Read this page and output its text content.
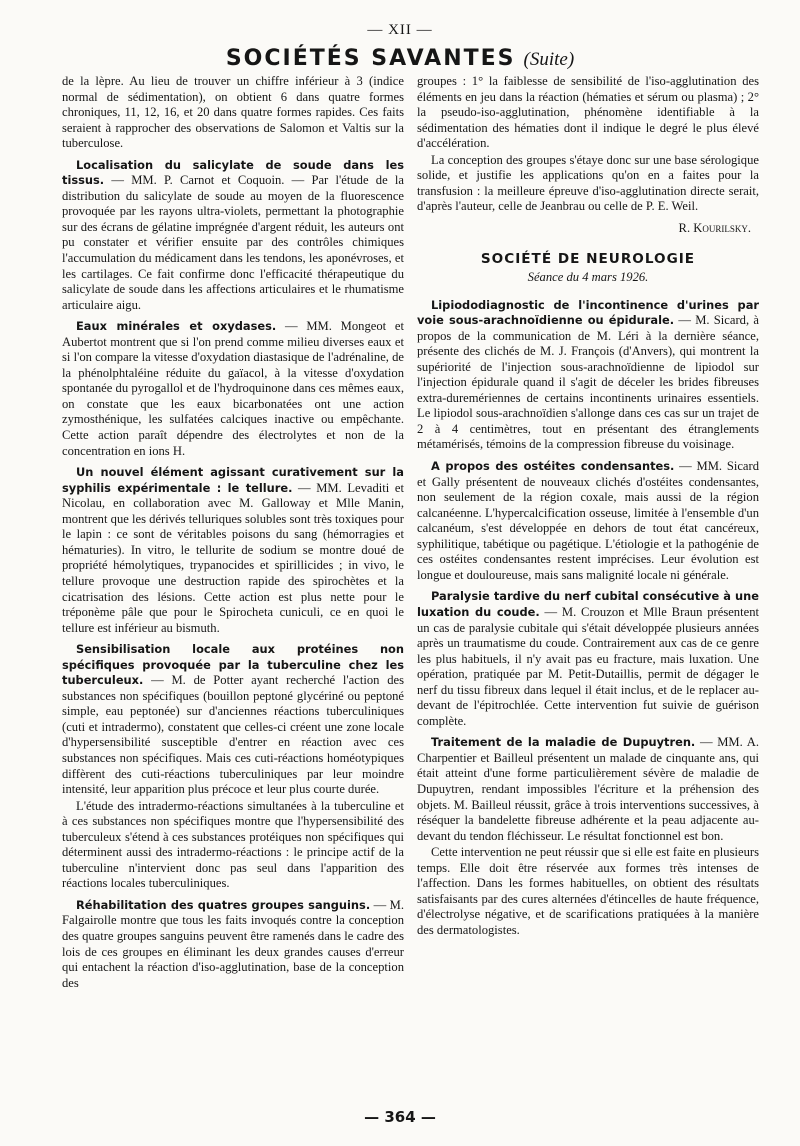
— XII —
SOCIÉTÉS SAVANTES (Suite)

de la lèpre. Au lieu de trouver un chiffre inférieur à 3 (indice normal de sédimentation), on obtient 6 dans quatre formes chroniques, 11, 12, 16, et 20 dans quatre formes rapides. Ces faits seraient à rapprocher des observations de Salomon et Valtis sur la tuberculose.

Localisation du salicylate de soude dans les tissus. — MM. P. Carnot et Coquoin. — Par l'étude de la distribution du salicylate de soude au moyen de la fluorescence provoquée par les rayons ultra-violets, permettant la photographie sur des écrans de gélatine imprégnée d'argent réduit, les auteurs ont pu constater et vérifier ensuite par des contrôles chimiques l'accumulation du médicament dans les tendons, les aponévroses, et les cartilages. Ce fait confirme donc l'efficacité thérapeutique du salicylate de soude dans les affections articulaires et le rhumatisme articulaire aigu.

Eaux minérales et oxydases. — MM. Mongeot et Aubertot montrent que si l'on prend comme milieu diverses eaux et si l'on compare la vitesse d'oxydation diastasique de l'adrénaline, de la phénolphtaléine réduite du gaïacol, à la vitesse d'oxydation spontanée du pyrogallol et de l'hydroquinone dans ces mêmes eaux, on constate que les eaux bicarbonatées ont une action zymosthénique, les sulfatées calciques inactive ou empêchante. Cette action paraît dépendre des électrolytes et non de la concentration en ions H.

Un nouvel élément agissant curativement sur la syphilis expérimentale : le tellure. — MM. Levaditi et Nicolau, en collaboration avec M. Galloway et Mlle Manin, montrent que les dérivés telluriques solubles sont très toxiques pour le lapin : ce sont de véritables poisons du sang (hémorragies et hématuries). In vitro, le tellurite de sodium se montre doué de propriété hémolytiques, trypanocides et spirillicides ; in vivo, le tellure provoque une destruction rapide des spirochètes et la cicatrisation des lésions. Cette action est plus nette pour le tréponème pâle que pour le Spirocheta cuniculi, ce en quoi le tellure est inférieur au bismuth.

Sensibilisation locale aux protéines non spécifiques provoquée par la tuberculine chez les tuberculeux. — M. de Potter ayant recherché l'action des substances non spécifiques (bouillon peptoné glycériné ou peptoné simple, eau peptonée) sur d'anciennes réactions tuberculiniques (cuti et intradermo), constatent que celles-ci créent une zone locale d'hypersensibilité susceptible d'entrer en réaction avec ces substances non spécifiques. Mais ces cuti-réactions homéotypiques diffèrent des cuti-réactions tuberculiniques par leur moindre intensité, leur apparition plus précoce et leur plus courte durée.

L'étude des intradermo-réactions simultanées à la tuberculine et à ces substances non spécifiques montre que l'hypersensibilité des tuberculeux s'étend à ces substances protéiques non spécifiques qui déterminent aussi des intradermo-réactions : le principe actif de la tuberculine n'intervient donc pas seul dans l'apparition des réactions locales tuberculiniques.

Réhabilitation des quatres groupes sanguins. — M. Falgairolle montre que tous les faits invoqués contre la conception des quatre groupes sanguins peuvent être ramenés dans le cadre des lois de ces groupes en éliminant les deux grandes causes d'erreur qui entachent la réaction d'iso-agglutination, base de la conception des

groupes : 1° la faiblesse de sensibilité de l'iso-agglutination des éléments en jeu dans la réaction (hématies et sérum ou plasma) ; 2° la pseudo-iso-agglutination, phénomène identifiable à la sédimentation des hématies dont il indique le degré le plus élevé d'accélération.

La conception des groupes s'étaye donc sur une base sérologique solide, et justifie les applications qu'on en a faites pour la transfusion : la meilleure épreuve d'iso-agglutination directe serait, d'après l'auteur, celle de Jeanbrau ou celle de P. E. Weil.

R. Kourilsky.
SOCIÉTÉ DE NEUROLOGIE
Séance du 4 mars 1926.

Lipiododiagnostic de l'incontinence d'urines par voie sous-arachnoïdienne ou épidurale. — M. Sicard, à propos de la communication de M. Léri à la dernière séance, présente des clichés de M. J. François (d'Anvers), qui montrent la supériorité de l'injection sous-arachnoïdienne de lipiodol sur l'injection épidurale quand il s'agit de déceler les brides fibreuses extra-duremériennes de certains incontinents urinaires essentiels. Le lipiodol sous-arachnoïdien s'allonge dans ces cas sur un trajet de 2 à 4 centimètres, tout en présentant des étranglements métamérisés, témoins de la compression fibreuse du voisinage.

A propos des ostéites condensantes. — MM. Sicard et Gally présentent de nouveaux clichés d'ostéites condensantes, non seulement de la région coxale, mais aussi de la région calcanéenne. L'hypercalcification osseuse, limitée à l'ensemble d'un calcanéum, s'est développée en dehors de tout état cancéreux, syphilitique, tabétique ou pagétique. L'étiologie et la pathogénie de ces ostéites condensantes restent imprécises. Leur évolution est longue et douloureuse, mais sans malignité locale ni générale.

Paralysie tardive du nerf cubital consécutive à une luxation du coude. — M. Crouzon et Mlle Braun présentent un cas de paralysie cubitale qui s'était développée plusieurs années après un traumatisme du coude. Contrairement aux cas de ce genre les plus habituels, il n'y avait pas eu fracture, mais luxation. Une opération, pratiquée par M. Petit-Dutaillis, permit de dégager le nerf du tissu fibreux dans lequel il était inclus, et de le replacer au-devant de l'épitrochlée. Cette intervention fut suivie de guérison complète.

Traitement de la maladie de Dupuytren. — MM. A. Charpentier et Bailleul présentent un malade de cinquante ans, qui était atteint d'une forme particulièrement sévère de maladie de Dupuytren, rendant impossibles l'écriture et la préhension des objets. M. Bailleul réussit, grâce à trois interventions successives, à réséquer la bandelette fibreuse adhérente et la peau adjacente au-devant du tendon fléchisseur. Le résultat fonctionnel est bon.

Cette intervention ne peut réussir que si elle est faite en plusieurs temps. Elle doit être réservée aux formes très intenses de l'affection. Dans les formes habituelles, on obtient des résultats satisfaisants par des cures alternées d'étincelles de haute fréquence, d'électrolyse négative, et de scarifications pratiquées à la manière des dermatologistes.

— 364 —
